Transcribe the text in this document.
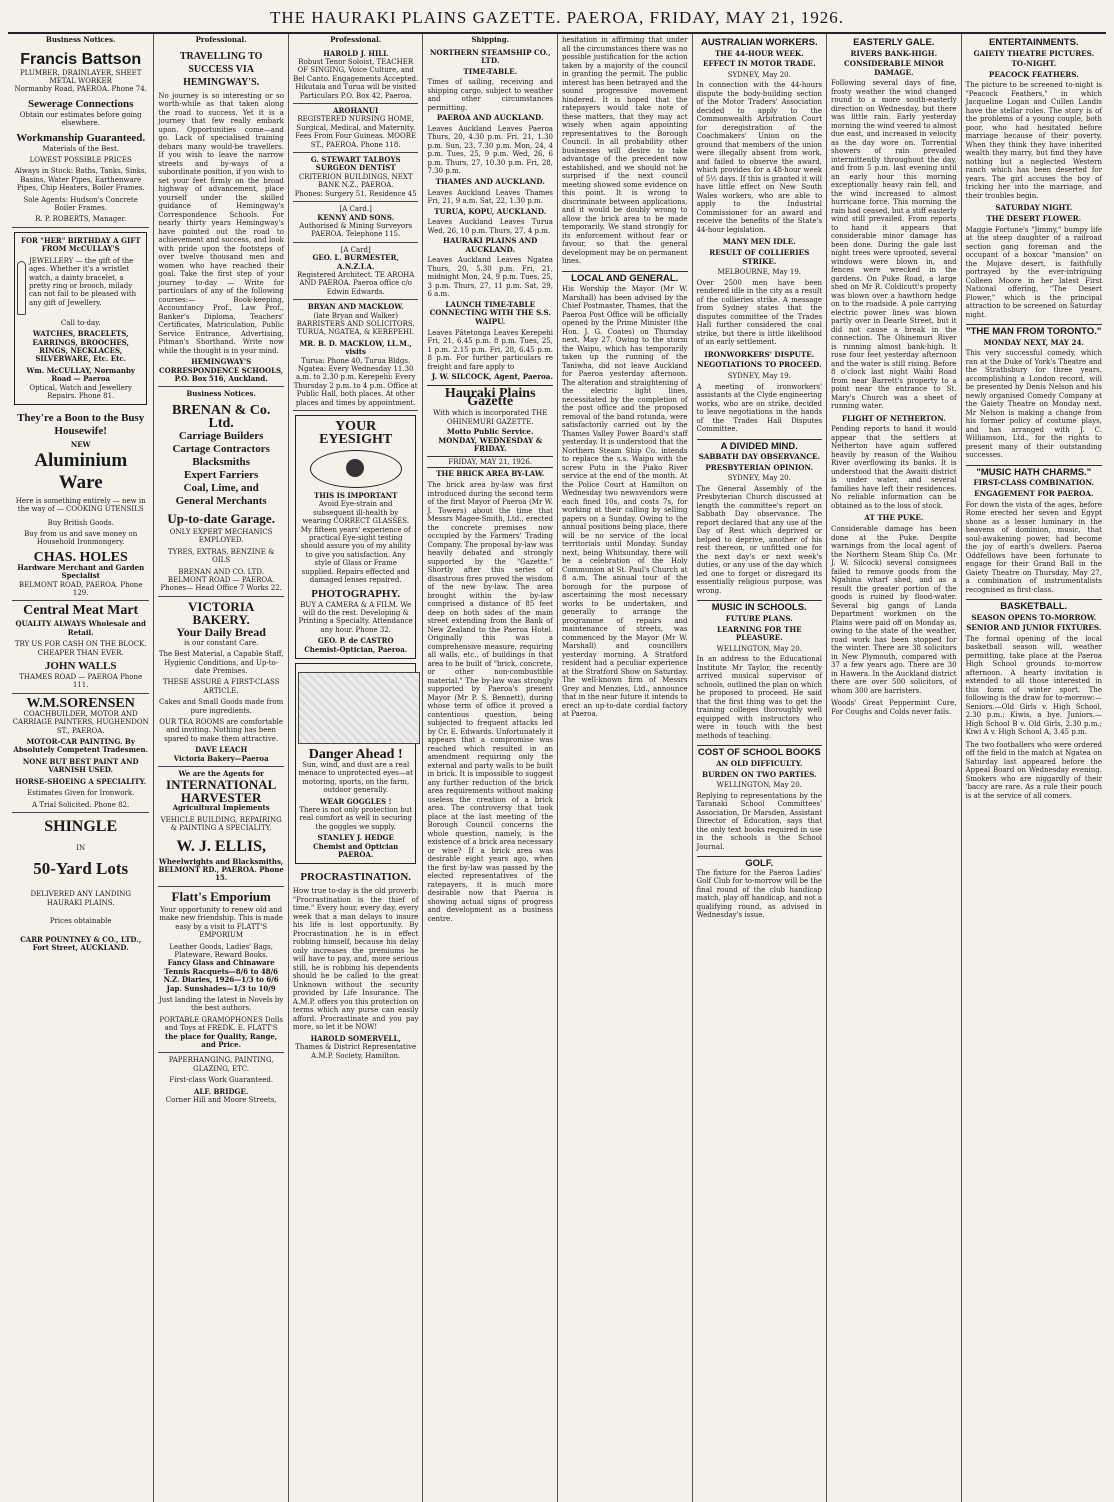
THE HAURAKI PLAINS GAZETTE. PAEROA, FRIDAY, MAY 21, 1926.
Business Notices.
Francis Battson
PLUMBER, DRAINLAYER, SHEET METAL WORKER
Normanby Road, PAEROA. Phone 74.
Sewerage Connections
Obtain our estimates before going elsewhere.
Workmanship Guaranteed.
Materials of the Best.
LOWEST POSSIBLE PRICES
Always in Stock: Baths, Tanks, Sinks, Basins, Water Pipes, Earthenware Pipes, Chip Heaters, Boiler Frames.
Sole Agents: Hudson's Concrete Boiler Frames.
R. P. ROBERTS, Manager.
FOR "HER" BIRTHDAY A GIFT FROM McCULLAY'S
JEWELLERY — the gift of the ages. Whether it's a wristlet watch, a dainty bracelet, a pretty ring or brooch, milady can not fail to be pleased with any gift of Jewellery.
Call to-day.
WATCHES, BRACELETS, EARRINGS, BROOCHES, RINGS, NECKLACES, SILVERWARE, Etc. Etc.
Wm. McCULLAY, Normanby Road — Paeroa
Optical, Watch and Jewellery Repairs. Phone 81.
They're a Boon to the Busy Housewife!
NEW
Aluminium Ware
Here is something entirely — new in the way of — COOKING UTENSILS
Buy British Goods.
Buy from us and save money on Household Ironmongery.
CHAS. HOLES
Hardware Merchant and Garden Specialist
BELMONT ROAD, PAEROA. Phone 129.
Central Meat Mart
QUALITY ALWAYS Wholesale and Retail.
TRY US FOR CASH ON THE BLOCK. CHEAPER THAN EVER.
JOHN WALLS
THAMES ROAD — PAEROA Phone 111.
W.M.SORENSEN
COACHBUILDER, MOTOR AND CARRIAGE PAINTERS, HUGHENDON ST., PAEROA.
MOTOR-CAR PAINTING. By Absolutely Competent Tradesmen.
NONE BUT BEST PAINT AND VARNISH USED.
HORSE-SHOEING A SPECIALITY.
Estimates Given for Ironwork.
A Trial Solicited. Phone 82.
SHINGLE
IN
50-Yard Lots
DELIVERED ANY LANDING HAURAKI PLAINS.
Prices obtainable
CARR POUNTNEY & CO., LTD., Fort Street, AUCKLAND.
Professional.
TRAVELLING TO SUCCESS VIA HEMINGWAY'S.
No journey is so interesting or so worth-while as that taken along the road to success. Yet it is a journey that few really embark upon. Opportunities come—and go. Lack of specialised training debars many would-be travellers. If you wish to leave the narrow streets and by-ways of a subordinate position, if you wish to set your feet firmly on the broad highway of advancement, place yourself under the skilled guidance of Hemingway's Correspondence Schools. For nearly thirty years Hemingway's have pointed out the road to achievement and success, and look with pride upon the footsteps of over twelve thousand men and women who have reached their goal. Take the first step of your journey to-day — Write for particulars of any of the following courses:— Book-keeping, Accountancy Prof., Law Prof., Banker's Diploma, Teachers' Certificates, Matriculation, Public Service Entrance, Advertising, Pitman's Shorthand. Write now while the thought is in your mind.
HEMINGWAY'S CORRESPONDENCE SCHOOLS, P.O. Box 516, Auckland.
Business Notices.
BRENAN & Co. Ltd.
Carriage Builders
Cartage Contractors
Blacksmiths
Expert Farriers
Coal, Lime, and
General Merchants
Up-to-date Garage.
ONLY EXPERT MECHANICS EMPLOYED.
TYRES, EXTRAS, BENZINE & OILS
BRENAN AND CO. LTD. BELMONT ROAD — PAEROA. Phones— Head Office 7 Works 22.
VICTORIA BAKERY.
Your Daily Bread
is our constant Care.
The Best Material, a Capable Staff, Hygienic Conditions, and Up-to-date Premises.
THESE ASSURE A FIRST-CLASS ARTICLE.
Cakes and Small Goods made from pure ingredients.
OUR TEA ROOMS are comfortable and inviting. Nothing has been spared to make them attractive.
DAVE LEACH
Victoria Bakery—Paeroa
We are the Agents for
INTERNATIONAL HARVESTER
Agricultural Implements
VEHICLE BUILDING, REPAIRING & PAINTING A SPECIALITY.
W. J. ELLIS,
Wheelwrights and Blacksmiths,
BELMONT RD., PAEROA. Phone 15.
Flatt's Emporium
Your opportunity to renew old and make new friendship. This is made easy by a visit to FLATT'S EMPORIUM
Leather Goods, Ladies' Bags, Plateware, Reward Books.
Fancy Glass and Chinaware
Tennis Racquets—8/6 to 48/6
N.Z. Diaries, 1926—1/3 to 6/6
Jap. Sunshades—1/3 to 10/9
Just landing the latest in Novels by the best authors.
PORTABLE GRAMOPHONES Dolls and Toys at FREDK. E. FLATT'S
the place for Quality, Range, and Price.
PAPERHANGING, PAINTING, GLAZING, ETC.
First-class Work Guaranteed.
ALF. BRIDGE.
Corner Hill and Moore Streets,
Professional.
HAROLD J. HILL
Robust Tenor Soloist, TEACHER OF SINGING, Voice Culture, and Bel Canto. Engagements Accepted. Hikutaia and Turua will be visited Particulars P.O. Box 42, Paeroa.
AROHANUI
REGISTERED NURSING HOME, Surgical, Medical, and Maternity. Fees From Four Guineas. MOORE ST., PAEROA. Phone 118.
G. STEWART TALBOYS SURGEON DENTIST
CRITERION BUILDINGS, NEXT BANK N.Z., PAEROA.
Phones: Surgery 51, Residence 45
[A Card.]
KENNY AND SONS.
Authorised & Mining Surveyors PAEROA. Telephone 115.
[A Card]
GEO. L. BURMESTER, A.N.Z.I.A.
Registered Architect. TE AROHA AND PAEROA. Paeroa office c/o Edwin Edwards.
BRYAN AND MACKLOW.
(late Bryan and Walker) BARRISTERS AND SOLICITORS, TURUA, NGATEA, & KEREPEHI.
MR. B. D. MACKLOW, LL.M., visits
Turua: Phone 40, Turua Bldgs. Ngatea: Every Wednesday 11.30 a.m. to 2.30 p.m. Kerepehi: Every Thursday 2 p.m. to 4 p.m. Office at Public Hall, both places. At other places and times by appointment.
YOUR EYESIGHT
THIS IS IMPORTANT
Avoid Eye-strain and subsequent ill-health by wearing CORRECT GLASSES. My fifteen years' experience of practical Eye-sight testing should assure you of my ability to give you satisfaction. Any style of Glass or Frame supplied. Repairs effected and damaged lenses repaired.
PHOTOGRAPHY.
BUY A CAMERA & A FILM. We will do the rest. Developing & Printing a Specialty. Attendance any hour. Phone 32.
GEO. P. de CASTRO
Chemist-Optician, Paeroa.
Danger Ahead !
Sun, wind, and dust are a real menace to unprotected eyes—at motoring, sports, on the farm, outdoor generally.
WEAR GOGGLES !
There is not only protection but real comfort as well in securing the goggles we supply.
STANLEY J. HEDGE
Chemist and Optician PAEROA.
PROCRASTINATION.
How true to-day is the old proverb: "Procrastination is the thief of time." Every hour, every day, every week that a man delays to insure his life is lost opportunity. By Procrastination he is in effect robbing himself, because his delay only increases the premiums he will have to pay, and, more serious still, he is robbing his dependents should he be called to the great Unknown without the security provided by Life Insurance. The A.M.P. offers you this protection on terms which any purse can easily afford. Procrastinate and you pay more, so let it be NOW!
HAROLD SOMERVELL,
Thames & District Representative A.M.P. Society, Hamilton.
Shipping.
NORTHERN STEAMSHIP CO., LTD.
TIME-TABLE.
Times of sailing, receiving and shipping cargo, subject to weather and other circumstances permitting.
PAEROA AND AUCKLAND.
Leaves Auckland Leaves Paeroa Thurs, 20, 4.30 p.m. Fri. 21, 1.30 p.m. Sun, 23, 7.30 p.m. Mon, 24, 4 p.m. Tues, 25, 9 p.m. Wed, 26, 6 p.m. Thurs, 27, 10.30 p.m. Fri, 28, 7.30 p.m.
THAMES AND AUCKLAND.
Leaves Auckland Leaves Thames Fri, 21, 9 a.m. Sat, 22, 1.30 p.m.
TURUA, KOPU, AUCKLAND.
Leaves Auckland Leaves Turua Wed, 26, 10 p.m. Thurs, 27, 4 p.m.
HAURAKI PLAINS AND AUCKLAND.
Leaves Auckland Leaves Ngatea Thurs, 20, 5.30 p.m. Fri, 21, midnight Mon, 24, 9 p.m. Tues, 25, 3 p.m. Thurs, 27, 11 p.m. Sat, 29, 6 a.m.
LAUNCH TIME-TABLE CONNECTING WITH THE S.S. WAIPU.
Leaves Pātetonga Leaves Kerepehi Fri, 21, 6.45 p.m. 8 p.m. Tues, 25, 1 p.m. 2.15 p.m. Fri, 28, 6.45 p.m. 8 p.m. For further particulars re freight and fare apply to
J. W. SILCOCK, Agent, Paeroa.
Hauraki Plains Gazette
With which is incorporated THE OHINEMURI GAZETTE.
Motto Public Service. MONDAY, WEDNESDAY & FRIDAY.
FRIDAY, MAY 21, 1926.
THE BRICK AREA BY-LAW.
The brick area by-law was first introduced during the second term of the first Mayor of Paeroa (Mr W. J. Towers) about the time that Messrs Magee-Smith, Ltd., erected the concrete premises now occupied by the Farmers' Trading Company. The proposal by-law was heavily debated and strongly supported by the "Gazette." Shortly after this series of disastrous fires proved the wisdom of the new by-law. The area brought within the by-law comprised a distance of 85 feet deep on both sides of the main street extending from the Bank of New Zealand to the Paeroa Hotel. Originally this was a comprehensive measure, requiring all walls, etc., of buildings in that area to be built of "brick, concrete, or other non-combustible material." The by-law was strongly supported by Paeroa's present Mayor (Mr P. S. Bennett), during whose term of office it proved a contentious question, being subjected to frequent attacks led by Cr. E. Edwards. Unfortunately it appears that a compromise was reached which resulted in an amendment requiring only the external and party walls to be built in brick. It is impossible to suggest any further reduction of the brick area requirements without making useless the creation of a brick area. The controversy that took place at the last meeting of the Borough Council concerns the whole question, namely, is the existence of a brick area necessary or wise? If a brick area was desirable eight years ago, when the first by-law was passed by the elected representatives of the ratepayers, it is much more desirable now that Paeroa is showing actual signs of progress and development as a business centre.
hesitation in affirming that under all the circumstances there was no possible justification for the action taken by a majority of the council in granting the permit. The public interest has been betrayed and the sound progressive movement hindered. It is hoped that the ratepayers would take note of these matters, that they may act wisely when again appointing representatives to the Borough Council. In all probability other businesses will desire to take advantage of the precedent now established, and we should not be surprised if the next council meeting showed some evidence on this point. It is wrong to discriminate between applications, and it would be doubly wrong to allow the brick area to be made temporarily. We stand strongly for its enforcement without fear or favour, so that the general development may be on permanent lines.
LOCAL AND GENERAL.
His Worship the Mayor (Mr W. Marshall) has been advised by the Chief Postmaster, Thames, that the Paeroa Post Office will be officially opened by the Prime Minister (the Hon. J. G. Coates) on Thursday next, May 27. Owing to the storm the Waipu, which has temporarily taken up the running of the Taniwha, did not leave Auckland for Paeroa yesterday afternoon. The alteration and straightening of the electric light lines, necessitated by the completion of the post office and the proposed removal of the band rotunda, were satisfactorily carried out by the Thames Valley Power Board's staff yesterday. It is understood that the Northern Steam Ship Co. intends to replace the s.s. Waipu with the screw Putu in the Piako River service at the end of the month. At the Police Court at Hamilton on Wednesday two newsvendors were each fined 10s, and costs 7s, for working at their calling by selling papers on a Sunday. Owing to the annual positions being place, there will be no service of the local territorials until Monday. Sunday next, being Whitsunday, there will be a celebration of the Holy Communion at St. Paul's Church at 8 a.m. The annual tour of the borough for the purpose of ascertaining the most necessary works to be undertaken, and generally to arrange the programme of repairs and maintenance of streets, was commenced by the Mayor (Mr W. Marshall) and councillors yesterday morning. A Stratford resident had a peculiar experience at the Stratford Show on Saturday. The well-known firm of Messrs Grey and Menzies, Ltd., announce that in the near future it intends to erect an up-to-date cordial factory at Paeroa.
AUSTRALIAN WORKERS.
THE 44-HOUR WEEK.
EFFECT IN MOTOR TRADE.
SYDNEY, May 20.
In connection with the 44-hours dispute the body-building section of the Motor Traders' Association decided to apply to the Commonwealth Arbitration Court for deregistration of the Coachmakers' Union on the ground that members of the union were illegally absent from work, and failed to observe the award, which provides for a 48-hour week of 5½ days. If this is granted it will have little effect on New South Wales workers, who are able to apply to the Industrial Commissioner for an award and receive the benefits of the State's 44-hour legislation.
MANY MEN IDLE.
RESULT OF COLLIERIES STRIKE.
MELBOURNE, May 19.
Over 2500 men have been rendered idle in the city as a result of the collieries strike. A message from Sydney states that the disputes committee of the Trades Hall further considered the coal strike, but there is little likelihood of an early settlement.
IRONWORKERS' DISPUTE.
NEGOTIATIONS TO PROCEED.
SYDNEY, May 19.
A meeting of ironworkers' assistants at the Clyde engineering works, who are on strike, decided to leave negotiations in the hands of the Trades Hall Disputes Committee.
A DIVIDED MIND.
SABBATH DAY OBSERVANCE.
PRESBYTERIAN OPINION.
SYDNEY, May 20.
The General Assembly of the Presbyterian Church discussed at length the committee's report on Sabbath Day observance. The report declared that any use of the Day of Rest which deprived or helped to deprive, another of his rest thereon, or unfitted one for the next day's or next week's duties, or any use of the day which led one to forget or disregard its essentially religious purpose, was wrong.
MUSIC IN SCHOOLS.
FUTURE PLANS.
LEARNING FOR THE PLEASURE.
WELLINGTON, May 20.
In an address to the Educational Institute Mr Taylor, the recently arrived musical supervisor of schools, outlined the plan on which he proposed to proceed. He said that the first thing was to get the training colleges thoroughly well equipped with instructors who were in touch with the best methods of teaching.
COST OF SCHOOL BOOKS
AN OLD DIFFICULTY.
BURDEN ON TWO PARTIES.
WELLINGTON, May 20.
Replying to representations by the Taranaki School Committees' Association, Dr Marsden, Assistant Director of Education, says that the only text books required in use in the schools is the School Journal.
GOLF.
The fixture for the Paeroa Ladies' Golf Club for to-morrow will be the final round of the club handicap match, play off handicap, and not a qualifying round, as advised in Wednesday's issue.
EASTERLY GALE.
RIVERS BANK-HIGH.
CONSIDERABLE MINOR DAMAGE.
Following several days of fine, frosty weather the wind changed round to a more south-easterly direction on Wednesday, but there was little rain. Early yesterday morning the wind veered to almost due east, and increased in velocity as the day wore on. Torrential showers of rain prevailed intermittently throughout the day, and from 5 p.m. last evening until an early hour this morning exceptionally heavy rain fell, and the wind increased to almost hurricane force. This morning the rain had ceased, but a stiff easterly wind still prevailed. From reports to hand it appears that considerable minor damage has been done. During the gale last night trees were uprooted, several windows were blown in, and fences were wrecked in the gardens. On Puke Road, a large shed on Mr R. Coldicutt's property was blown over a hawthorn hedge on to the roadside. A pole carrying electric power lines was blown partly over in Dearle Street, but it did not cause a break in the connection. The Ohinemuri River is running almost bank-high. It rose four feet yesterday afternoon and the water is still rising. Before 8 o'clock last night Waihi Road from near Barrett's property to a point near the entrance to St. Mary's Church was a sheet of running water.
FLIGHT OF NETHERTON.
Pending reports to hand it would appear that the settlers at Netherton have again suffered heavily by reason of the Waihou River overflowing its banks. It is understood that the Awaiti district is under water, and several families have left their residences. No reliable information can be obtained as to the loss of stock.
AT THE PUKE.
Considerable damage has been done at the Puke. Despite warnings from the local agent of the Northern Steam Ship Co. (Mr J. W. Silcock) several consignees failed to remove goods from the Ngahina wharf shed, and as a result the greater portion of the goods is ruined by flood-water. Several big gangs of Landa Department workmen on the Plains were paid off on Monday as, owing to the state of the weather, road work has been stopped for the winter. There are 38 solicitors in New Plymouth, compared with 37 a few years ago. There are 30 in Hawera. In the Auckland district there are over 500 solicitors, of whom 300 are barristers.
Woods' Great Peppermint Cure, For Coughs and Colds never fails.
ENTERTAINMENTS.
GAIETY THEATRE PICTURES.
TO-NIGHT.
PEACOCK FEATHERS.
The picture to be screened to-night is "Peacock Feathers," in which Jacqueline Logan and Cullen Landis have the stellar roles. The story is of the problems of a young couple, both poor, who had hesitated before marriage because of their poverty. When they think they have inherited wealth they marry, but find they have nothing but a neglected Western ranch which has been deserted for years. The girl accuses the boy of tricking her into the marriage, and their troubles begin.
SATURDAY NIGHT.
THE DESERT FLOWER.
Maggie Fortune's "Jimmy," bumpy life at the steep daughter of a railroad section gang foreman and the occupant of a boxcar "mansion" on the Mojave desert, is faithfully portrayed by the ever-intriguing Colleen Moore in her latest First National offering, "The Desert Flower," which is the principal attraction to be screened on Saturday night.
"THE MAN FROM TORONTO."
MONDAY NEXT, MAY 24.
This very successful comedy, which ran at the Duke of York's Theatre and the Strathsbury for three years, accomplishing a London record, will be presented by Denis Nelson and his newly organised Comedy Company at the Gaiety Theatre on Monday next. Mr Nelson is making a change from his former policy of costume plays, and has arranged with J. C. Williamson, Ltd., for the rights to present many of their outstanding successes.
"MUSIC HATH CHARMS."
FIRST-CLASS COMBINATION.
ENGAGEMENT FOR PAEROA.
For down the vista of the ages, before Rome erected her seven and Egypt shone as a lesser luminary in the heavens of dominion, music, that soul-awakening power, had become the joy of earth's dwellers. Paeroa Oddfellows have been fortunate to engage for their Grand Ball in the Gaiety Theatre on Thursday, May 27, a combination of instrumentalists recognised as first-class.
BASKETBALL.
SEASON OPENS TO-MORROW.
SENIOR AND JUNIOR FIXTURES.
The formal opening of the local basketball season will, weather permitting, take place at the Paeroa High School grounds to-morrow afternoon. A hearty invitation is extended to all those interested in this form of winter sport. The following is the draw for to-morrow:— Seniors.—Old Girls v. High School, 2.30 p.m.; Kiwis, a bye. Juniors.—High School B v. Old Girls, 2.30 p.m.; Kiwi A v. High School A, 3.45 p.m.
The two footballers who were ordered off the field in the match at Ngatea on Saturday last appeared before the Appeal Board on Wednesday evening. Smokers who are niggardly of their 'baccy are rare. As a rule their pouch is at the service of all comers.
